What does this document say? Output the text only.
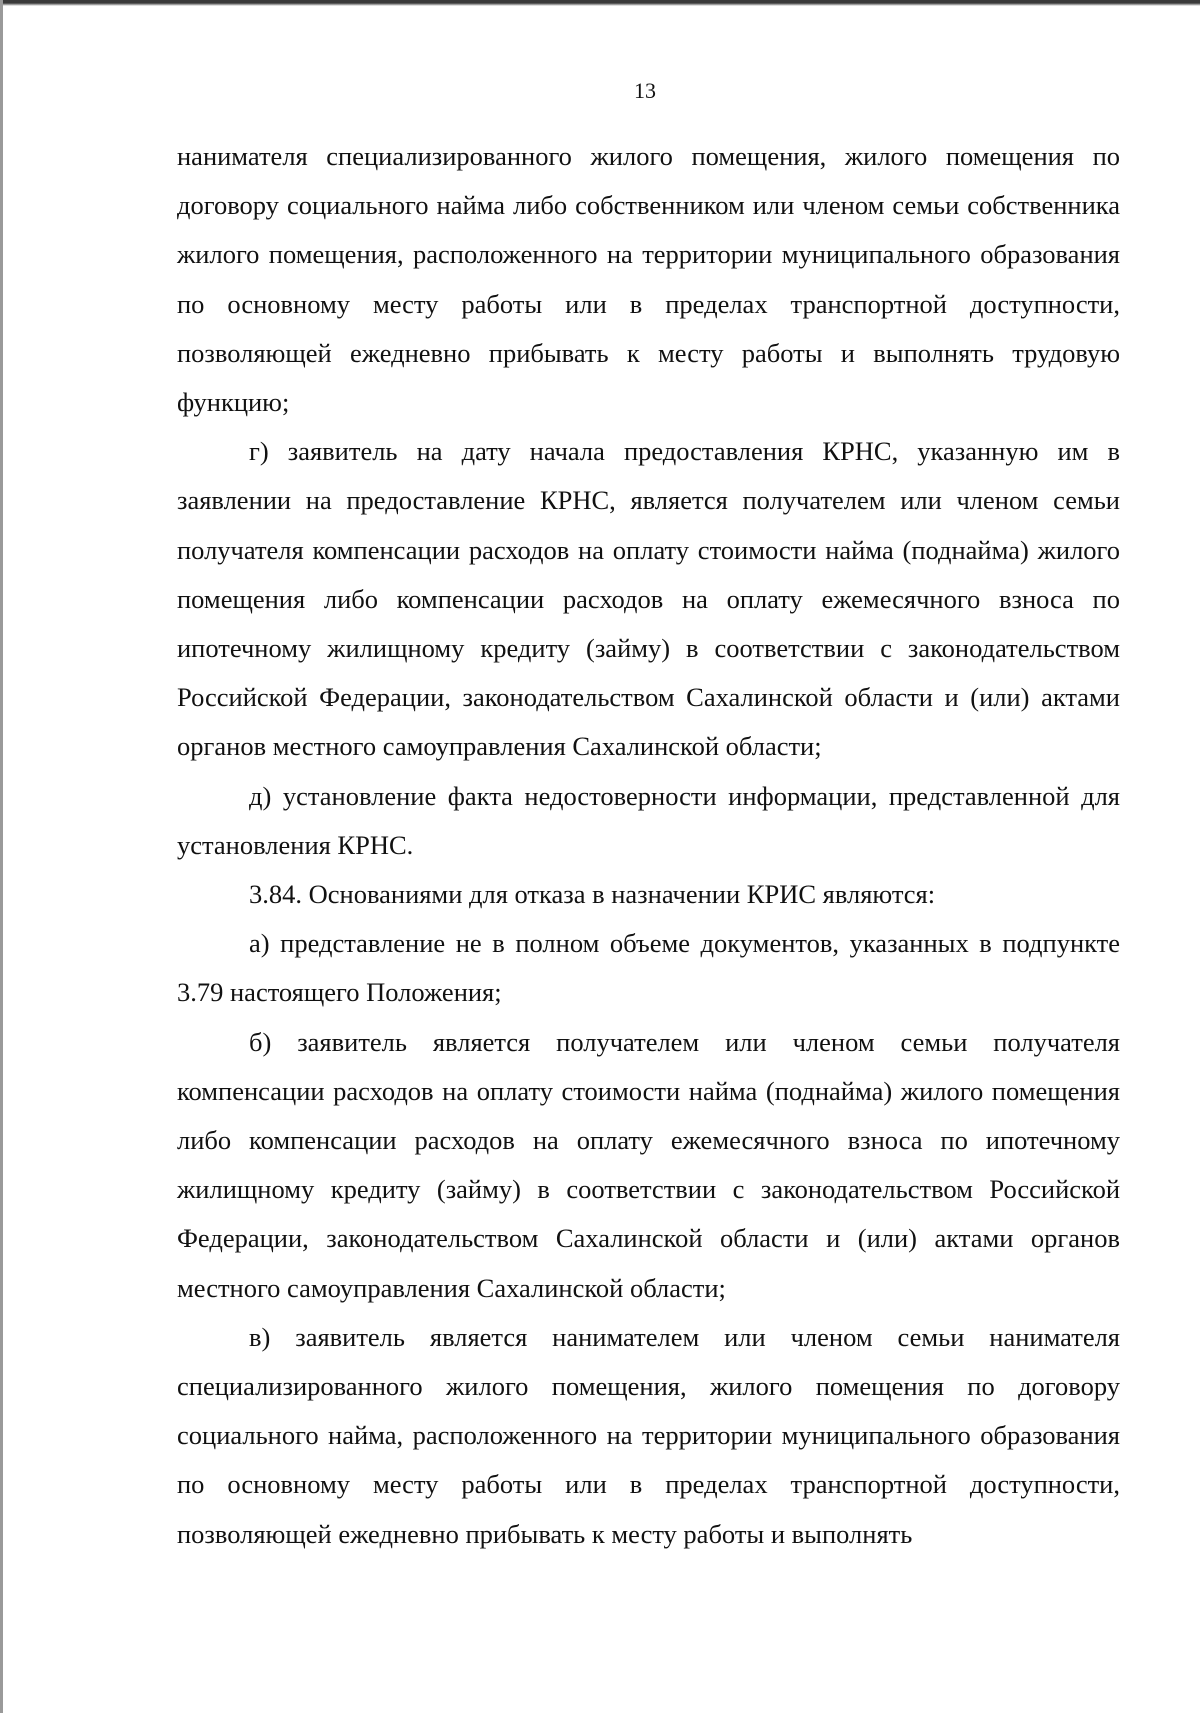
13

нанимателя специализированного жилого помещения, жилого помещения по договору социального найма либо собственником или членом семьи собственника жилого помещения, расположенного на территории муниципального образования по основному месту работы или в пределах транспортной доступности, позволяющей ежедневно прибывать к месту работы и выполнять трудовую функцию;

г) заявитель на дату начала предоставления КРНС, указанную им в заявлении на предоставление КРНС, является получателем или членом семьи получателя компенсации расходов на оплату стоимости найма (поднайма) жилого помещения либо компенсации расходов на оплату ежемесячного взноса по ипотечному жилищному кредиту (займу) в соответствии с законодательством Российской Федерации, законодательством Сахалинской области и (или) актами органов местного самоуправления Сахалинской области;

д) установление факта недостоверности информации, представленной для установления КРНС.

3.84. Основаниями для отказа в назначении КРИС являются:

а) представление не в полном объеме документов, указанных в подпункте 3.79 настоящего Положения;

б) заявитель является получателем или членом семьи получателя компенсации расходов на оплату стоимости найма (поднайма) жилого помещения либо компенсации расходов на оплату ежемесячного взноса по ипотечному жилищному кредиту (займу) в соответствии с законодательством Российской Федерации, законодательством Сахалинской области и (или) актами органов местного самоуправления Сахалинской области;

в) заявитель является нанимателем или членом семьи нанимателя специализированного жилого помещения, жилого помещения по договору социального найма, расположенного на территории муниципального образования по основному месту работы или в пределах транспортной доступности, позволяющей ежедневно прибывать к месту работы и выполнять
